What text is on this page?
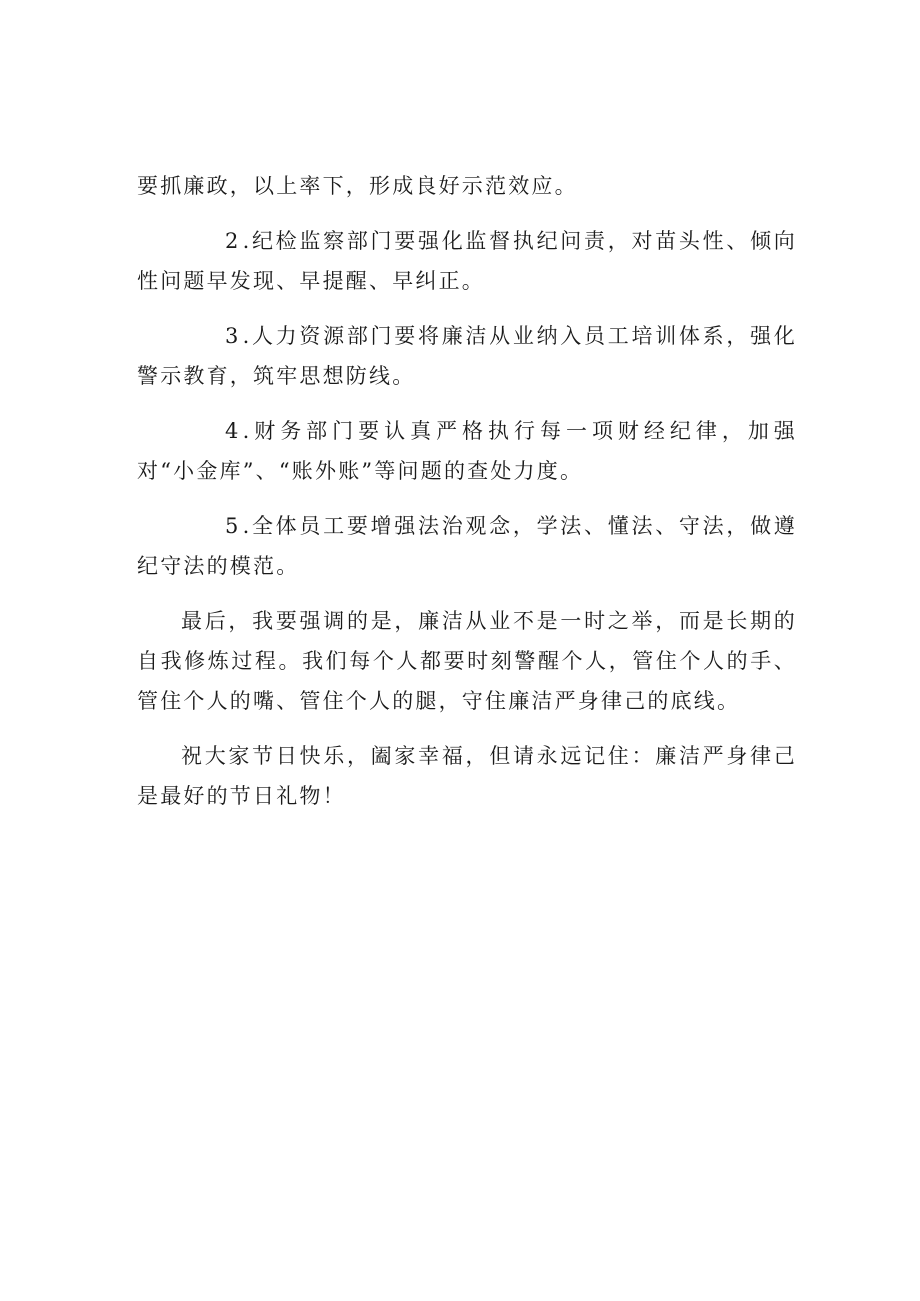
要抓廉政，以上率下，形成良好示范效应。

2.纪检监察部门要强化监督执纪问责，对苗头性、倾向性问题早发现、早提醒、早纠正。

3.人力资源部门要将廉洁从业纳入员工培训体系，强化警示教育，筑牢思想防线。

4.财务部门要认真严格执行每一项财经纪律，加强对“小金库”、“账外账”等问题的查处力度。

5.全体员工要增强法治观念，学法、懂法、守法，做遵纪守法的模范。

最后，我要强调的是，廉洁从业不是一时之举，而是长期的自我修炼过程。我们每个人都要时刻警醒个人，管住个人的手、管住个人的嘴、管住个人的腿，守住廉洁严身律己的底线。

祝大家节日快乐，阖家幸福，但请永远记住：廉洁严身律己是最好的节日礼物！
